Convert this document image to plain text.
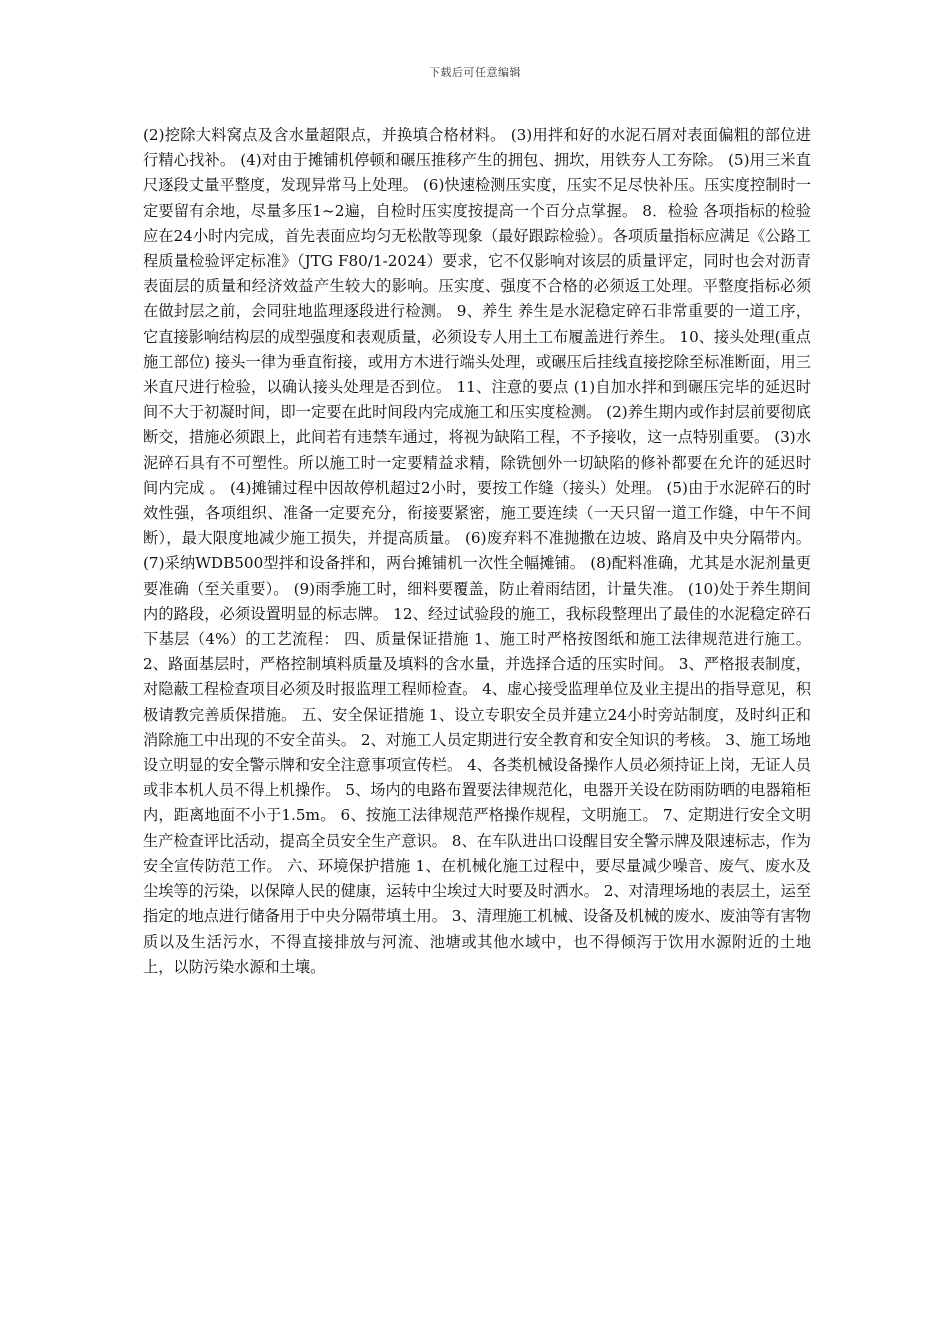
下载后可任意编辑

(2)挖除大料窝点及含水量超限点，并换填合格材料。 (3)用拌和好的水泥石屑对表面偏粗的部位进行精心找补。 (4)对由于摊铺机停顿和碾压推移产生的拥包、拥坎，用铁夯人工夯除。 (5)用三米直尺逐段丈量平整度，发现异常马上处理。 (6)快速检测压实度，压实不足尽快补压。压实度控制时一定要留有余地，尽量多压1~2遍，自检时压实度按提高一个百分点掌握。 8．检验 各项指标的检验应在24小时内完成，首先表面应均匀无松散等现象（最好跟踪检验）。各项质量指标应满足《公路工程质量检验评定标准》（JTG F80/1-2024）要求，它不仅影响对该层的质量评定，同时也会对沥青表面层的质量和经济效益产生较大的影响。压实度、强度不合格的必须返工处理。平整度指标必须在做封层之前，会同驻地监理逐段进行检测。 9、养生 养生是水泥稳定碎石非常重要的一道工序，它直接影响结构层的成型强度和表观质量，必须设专人用土工布履盖进行养生。 10、接头处理(重点施工部位) 接头一律为垂直衔接，或用方木进行端头处理，或碾压后挂线直接挖除至标准断面，用三米直尺进行检验，以确认接头处理是否到位。 11、注意的要点 (1)自加水拌和到碾压完毕的延迟时间不大于初凝时间，即一定要在此时间段内完成施工和压实度检测。 (2)养生期内或作封层前要彻底断交，措施必须跟上，此间若有违禁车通过，将视为缺陷工程，不予接收，这一点特别重要。 (3)水泥碎石具有不可塑性。所以施工时一定要精益求精，除铣刨外一切缺陷的修补都要在允许的延迟时间内完成 。 (4)摊铺过程中因故停机超过2小时，要按工作缝（接头）处理。 (5)由于水泥碎石的时效性强，各项组织、准备一定要充分，衔接要紧密，施工要连续（一天只留一道工作缝，中午不间断），最大限度地减少施工损失，并提高质量。 (6)废弃料不准抛撒在边坡、路肩及中央分隔带内。 (7)采纳WDB500型拌和设备拌和，两台摊铺机一次性全幅摊铺。 (8)配料准确，尤其是水泥剂量更要准确（至关重要）。 (9)雨季施工时，细料要覆盖，防止着雨结团，计量失准。 (10)处于养生期间内的路段，必须设置明显的标志牌。 12、经过试验段的施工，我标段整理出了最佳的水泥稳定碎石下基层（4%）的工艺流程： 四、质量保证措施 1、施工时严格按图纸和施工法律规范进行施工。 2、路面基层时，严格控制填料质量及填料的含水量，并选择合适的压实时间。 3、严格报表制度，对隐蔽工程检查项目必须及时报监理工程师检查。 4、虚心接受监理单位及业主提出的指导意见，积极请教完善质保措施。 五、安全保证措施 1、设立专职安全员并建立24小时旁站制度，及时纠正和消除施工中出现的不安全苗头。 2、对施工人员定期进行安全教育和安全知识的考核。 3、施工场地设立明显的安全警示牌和安全注意事项宣传栏。 4、各类机械设备操作人员必须持证上岗，无证人员或非本机人员不得上机操作。 5、场内的电路布置要法律规范化，电器开关设在防雨防晒的电器箱柜内，距离地面不小于1.5m。 6、按施工法律规范严格操作规程，文明施工。 7、定期进行安全文明生产检查评比活动，提高全员安全生产意识。 8、在车队进出口设醒目安全警示牌及限速标志，作为安全宣传防范工作。 六、环境保护措施 1、在机械化施工过程中，要尽量减少噪音、废气、废水及尘埃等的污染，以保障人民的健康，运转中尘埃过大时要及时洒水。 2、对清理场地的表层土，运至指定的地点进行储备用于中央分隔带填土用。 3、清理施工机械、设备及机械的废水、废油等有害物质以及生活污水，不得直接排放与河流、池塘或其他水域中，也不得倾泻于饮用水源附近的土地上，以防污染水源和土壤。
